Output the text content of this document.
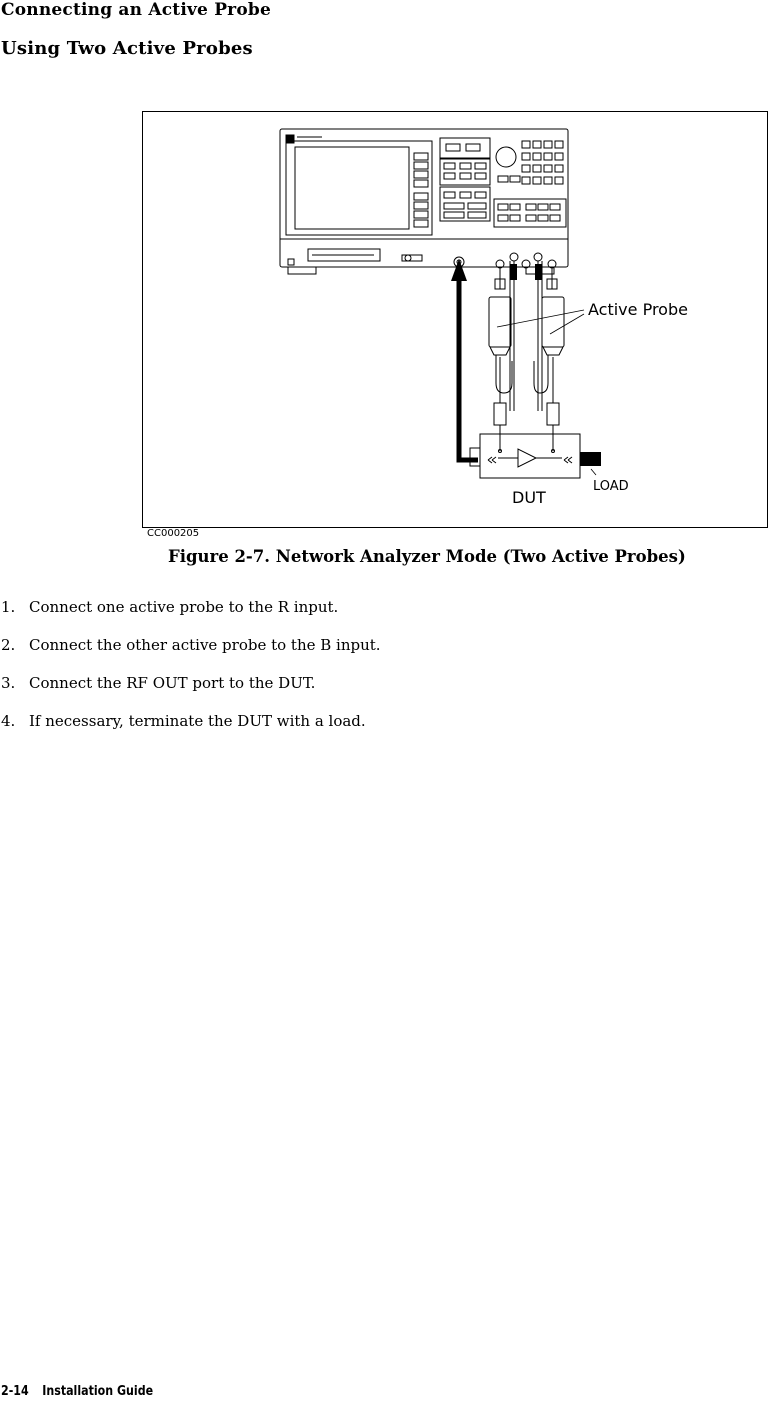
Connecting an Active Probe
Using Two Active Probes
Active Probe
DUT
LOAD
CC000205
Figure 2-7. Network Analyzer Mode (Two Active Probes)
1. Connect one active probe to the R input.
2. Connect the other active probe to the B input.
3. Connect the RF OUT port to the DUT.
4. If necessary, terminate the DUT with a load.
2-14 Installation Guide
